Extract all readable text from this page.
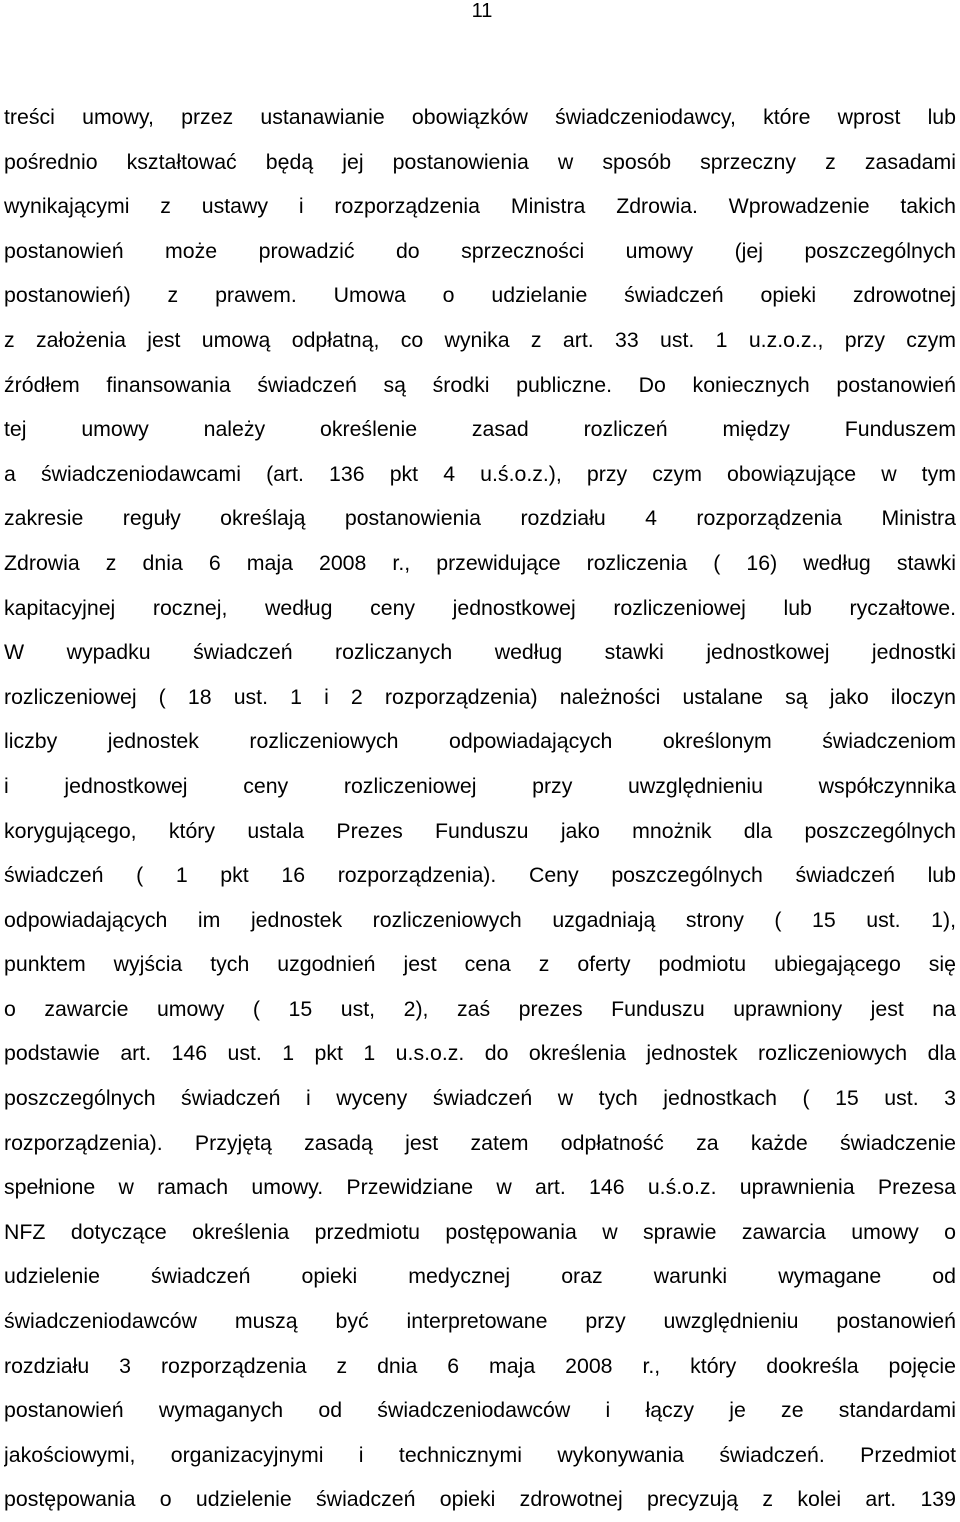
11
treści umowy, przez ustanawianie obowiązków świadczeniodawcy, które wprost lub
pośrednio kształtować będą jej postanowienia w sposób sprzeczny z zasadami
wynikającymi z ustawy i rozporządzenia Ministra Zdrowia. Wprowadzenie takich
postanowień może prowadzić do sprzeczności umowy (jej poszczególnych
postanowień) z prawem. Umowa o udzielanie świadczeń opieki zdrowotnej
z założenia jest umową odpłatną, co wynika z art. 33 ust. 1 u.z.o.z., przy czym
źródłem finansowania świadczeń są środki publiczne. Do koniecznych postanowień
tej umowy należy określenie zasad rozliczeń między Funduszem
a świadczeniodawcami (art. 136 pkt 4 u.ś.o.z.), przy czym obowiązujące w tym
zakresie reguły określają postanowienia rozdziału 4 rozporządzenia Ministra
Zdrowia z dnia 6 maja 2008 r., przewidujące rozliczenia ( 16) według stawki
kapitacyjnej rocznej, według ceny jednostkowej rozliczeniowej lub ryczałtowe.
W wypadku świadczeń rozliczanych według stawki jednostkowej jednostki
rozliczeniowej ( 18 ust. 1 i 2 rozporządzenia) należności ustalane są jako iloczyn
liczby jednostek rozliczeniowych odpowiadających określonym świadczeniom
i jednostkowej ceny rozliczeniowej przy uwzględnieniu współczynnika
korygującego, który ustala Prezes Funduszu jako mnożnik dla poszczególnych
świadczeń ( 1 pkt 16 rozporządzenia). Ceny poszczególnych świadczeń lub
odpowiadających im jednostek rozliczeniowych uzgadniają strony ( 15 ust. 1),
punktem wyjścia tych uzgodnień jest cena z oferty podmiotu ubiegającego się
o zawarcie umowy ( 15 ust, 2), zaś prezes Funduszu uprawniony jest na
podstawie art. 146 ust. 1 pkt 1 u.s.o.z. do określenia jednostek rozliczeniowych dla
poszczególnych świadczeń i wyceny świadczeń w tych jednostkach ( 15 ust. 3
rozporządzenia). Przyjętą zasadą jest zatem odpłatność za każde świadczenie
spełnione w ramach umowy. Przewidziane w art. 146 u.ś.o.z. uprawnienia Prezesa
NFZ dotyczące określenia przedmiotu postępowania w sprawie zawarcia umowy o
udzielenie świadczeń opieki medycznej oraz warunki wymagane od
świadczeniodawców muszą być interpretowane przy uwzględnieniu postanowień
rozdziału 3 rozporządzenia z dnia 6 maja 2008 r., który dookreśla pojęcie
postanowień wymaganych od świadczeniodawców i łączy je ze standardami
jakościowymi, organizacyjnymi i technicznymi wykonywania świadczeń. Przedmiot
postępowania o udzielenie świadczeń opieki zdrowotnej precyzują z kolei art. 139
